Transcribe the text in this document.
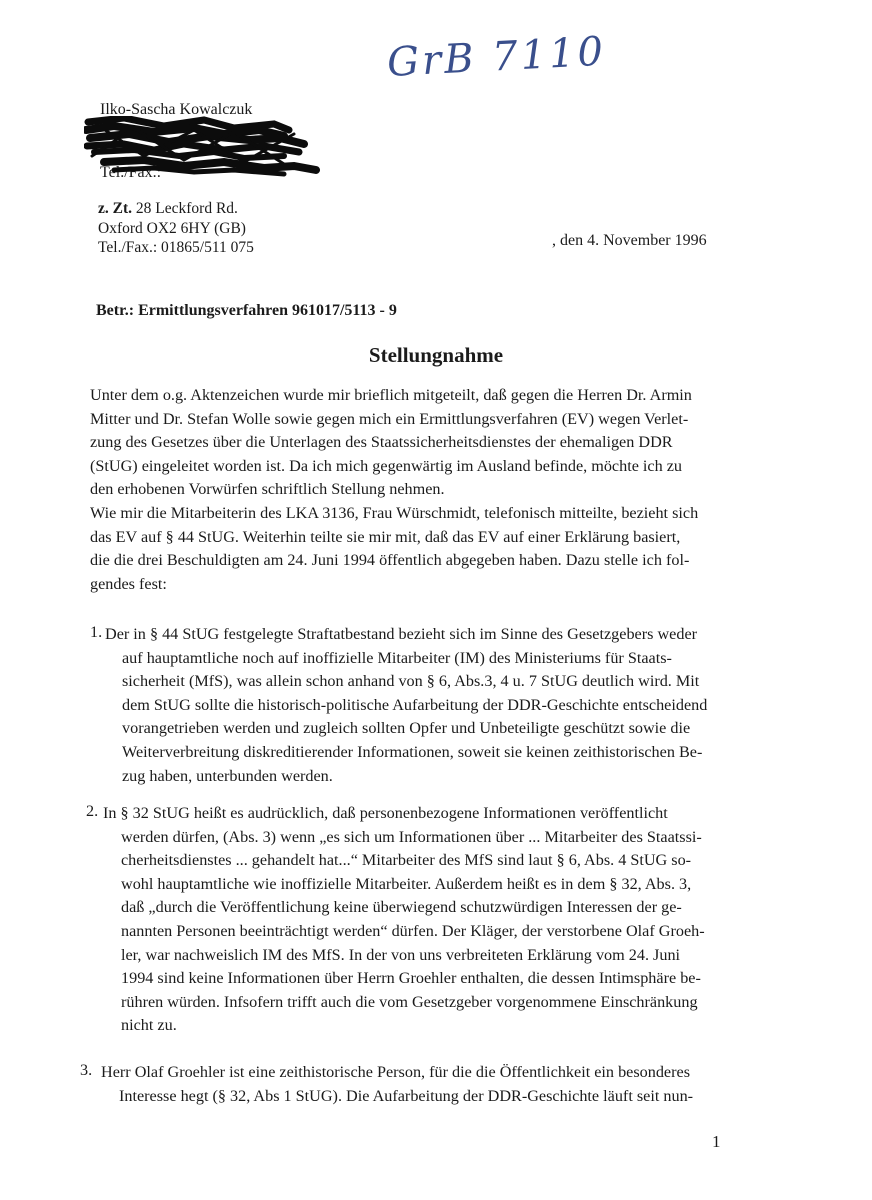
GrB 7110
Ilko-Sascha Kowalczuk

Tel./Fax.:
z. Zt. 28 Leckford Rd.
Oxford OX2 6HY (GB)
Tel./Fax.: 01865/511 075	, den 4. November 1996
Betr.: Ermittlungsverfahren 961017/5113 - 9
Stellungnahme
Unter dem o.g. Aktenzeichen wurde mir brieflich mitgeteilt, daß gegen die Herren Dr. Armin
Mitter und Dr. Stefan Wolle sowie gegen mich ein Ermittlungsverfahren (EV) wegen Verlet-
zung des Gesetzes über die Unterlagen des Staatssicherheitsdienstes der ehemaligen DDR
(StUG) eingeleitet worden ist. Da ich mich gegenwärtig im Ausland befinde, möchte ich zu
den erhobenen Vorwürfen schriftlich Stellung nehmen.
Wie mir die Mitarbeiterin des LKA 3136, Frau Würschmidt, telefonisch mitteilte, bezieht sich
das EV auf § 44 StUG. Weiterhin teilte sie mir mit, daß das EV auf einer Erklärung basiert,
die die drei Beschuldigten am 24. Juni 1994 öffentlich abgegeben haben. Dazu stelle ich fol-
gendes fest:
1. Der in § 44 StUG festgelegte Straftatbestand bezieht sich im Sinne des Gesetzgebers weder
auf hauptamtliche noch auf inoffizielle Mitarbeiter (IM) des Ministeriums für Staats-
sicherheit (MfS), was allein schon anhand von § 6, Abs.3, 4 u. 7 StUG deutlich wird. Mit
dem StUG sollte die historisch-politische Aufarbeitung der DDR-Geschichte entscheidend
vorangetrieben werden und zugleich sollten Opfer und Unbeteiligte geschützt sowie die
Weiterverbreitung diskreditierender Informationen, soweit sie keinen zeithistorischen Be-
zug haben, unterbunden werden.
2. In § 32 StUG heißt es audrücklich, daß personenbezogene Informationen veröffentlicht
werden dürfen, (Abs. 3) wenn „es sich um Informationen über ... Mitarbeiter des Staatssi-
cherheitsdienstes ... gehandelt hat...“ Mitarbeiter des MfS sind laut § 6, Abs. 4 StUG so-
wohl hauptamtliche wie inoffizielle Mitarbeiter. Außerdem heißt es in dem § 32, Abs. 3,
daß „durch die Veröffentlichung keine überwiegend schutzwürdigen Interessen der ge-
nannten Personen beeinträchtigt werden“ dürfen. Der Kläger, der verstorbene Olaf Groeh-
ler, war nachweislich IM des MfS. In der von uns verbreiteten Erklärung vom 24. Juni
1994 sind keine Informationen über Herrn Groehler enthalten, die dessen Intimsphäre be-
rühren würden. Infsofern trifft auch die vom Gesetzgeber vorgenommene Einschränkung
nicht zu.
3. Herr Olaf Groehler ist eine zeithistorische Person, für die die Öffentlichkeit ein besonderes
Interesse hegt (§ 32, Abs 1 StUG). Die Aufarbeitung der DDR-Geschichte läuft seit nun-
1
